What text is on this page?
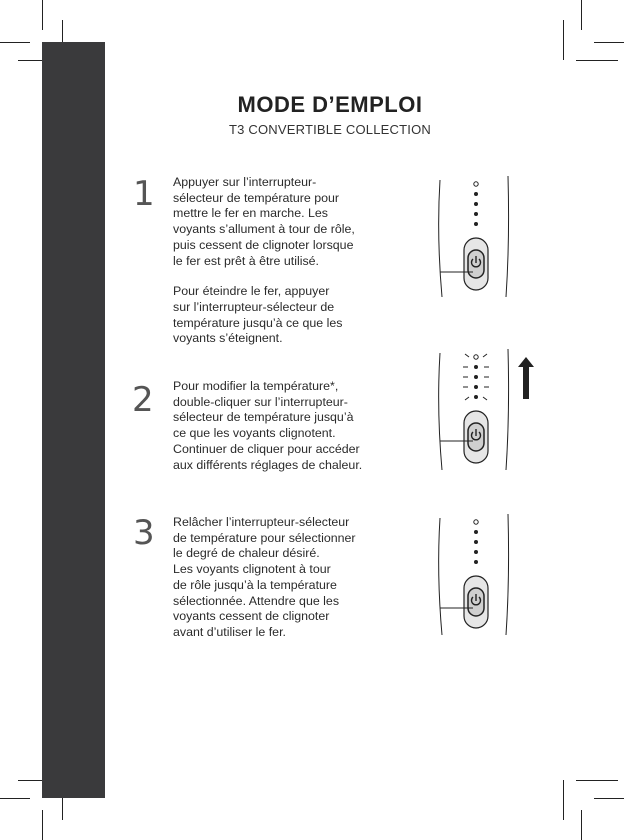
MODE D’EMPLOI
T3 CONVERTIBLE COLLECTION
1 Appuyer sur l’interrupteur-
sélecteur de température pour
mettre le fer en marche. Les
voyants s’allument à tour de rôle,
puis cessent de clignoter lorsque
le fer est prêt à être utilisé.

Pour éteindre le fer, appuyer
sur l’interrupteur-sélecteur de
température jusqu’à ce que les
voyants s’éteignent.

2 Pour modifier la température*,
double-cliquer sur l’interrupteur-
sélecteur de température jusqu’à
ce que les voyants clignotent.
Continuer de cliquer pour accéder
aux différents réglages de chaleur.

3 Relâcher l’interrupteur-sélecteur
de température pour sélectionner
le degré de chaleur désiré.
Les voyants clignotent à tour
de rôle jusqu’à la température
sélectionnée. Attendre que les
voyants cessent de clignoter
avant d’utiliser le fer.
